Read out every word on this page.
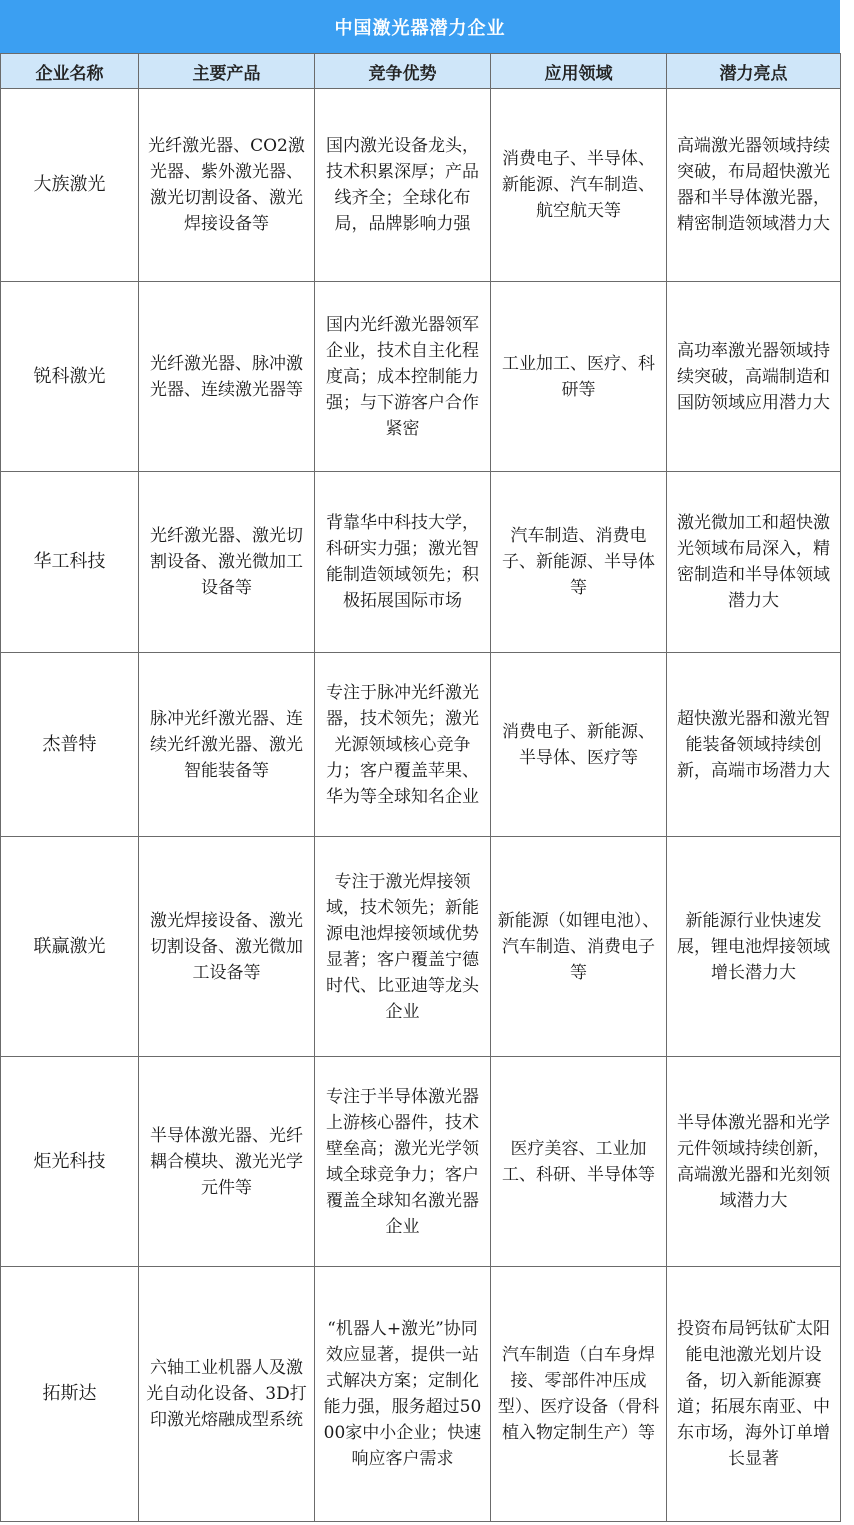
中国激光器潜力企业
企业名称	主要产品	竞争优势	应用领域	潜力亮点
大族激光	光纤激光器、CO2激光器、紫外激光器、激光切割设备、激光焊接设备等	国内激光设备龙头，技术积累深厚；产品线齐全；全球化布局，品牌影响力强	消费电子、半导体、新能源、汽车制造、航空航天等	高端激光器领域持续突破，布局超快激光器和半导体激光器，精密制造领域潜力大
锐科激光	光纤激光器、脉冲激光器、连续激光器等	国内光纤激光器领军企业，技术自主化程度高；成本控制能力强；与下游客户合作紧密	工业加工、医疗、科研等	高功率激光器领域持续突破，高端制造和国防领域应用潜力大
华工科技	光纤激光器、激光切割设备、激光微加工设备等	背靠华中科技大学，科研实力强；激光智能制造领域领先；积极拓展国际市场	汽车制造、消费电子、新能源、半导体等	激光微加工和超快激光领域布局深入，精密制造和半导体领域潜力大
杰普特	脉冲光纤激光器、连续光纤激光器、激光智能装备等	专注于脉冲光纤激光器，技术领先；激光光源领域核心竞争力；客户覆盖苹果、华为等全球知名企业	消费电子、新能源、半导体、医疗等	超快激光器和激光智能装备领域持续创新，高端市场潜力大
联赢激光	激光焊接设备、激光切割设备、激光微加工设备等	专注于激光焊接领域，技术领先；新能源电池焊接领域优势显著；客户覆盖宁德时代、比亚迪等龙头企业	新能源（如锂电池）、汽车制造、消费电子等	新能源行业快速发展，锂电池焊接领域增长潜力大
炬光科技	半导体激光器、光纤耦合模块、激光光学元件等	专注于半导体激光器上游核心器件，技术壁垒高；激光光学领域全球竞争力；客户覆盖全球知名激光器企业	医疗美容、工业加工、科研、半导体等	半导体激光器和光学元件领域持续创新，高端激光器和光刻领域潜力大
拓斯达	六轴工业机器人及激光自动化设备、3D打印激光熔融成型系统	“机器人+激光”协同效应显著，提供一站式解决方案；定制化能力强，服务超过5000家中小企业；快速响应客户需求	汽车制造（白车身焊接、零部件冲压成型）、医疗设备（骨科植入物定制生产）等	投资布局钙钛矿太阳能电池激光划片设备，切入新能源赛道；拓展东南亚、中东市场，海外订单增长显著
